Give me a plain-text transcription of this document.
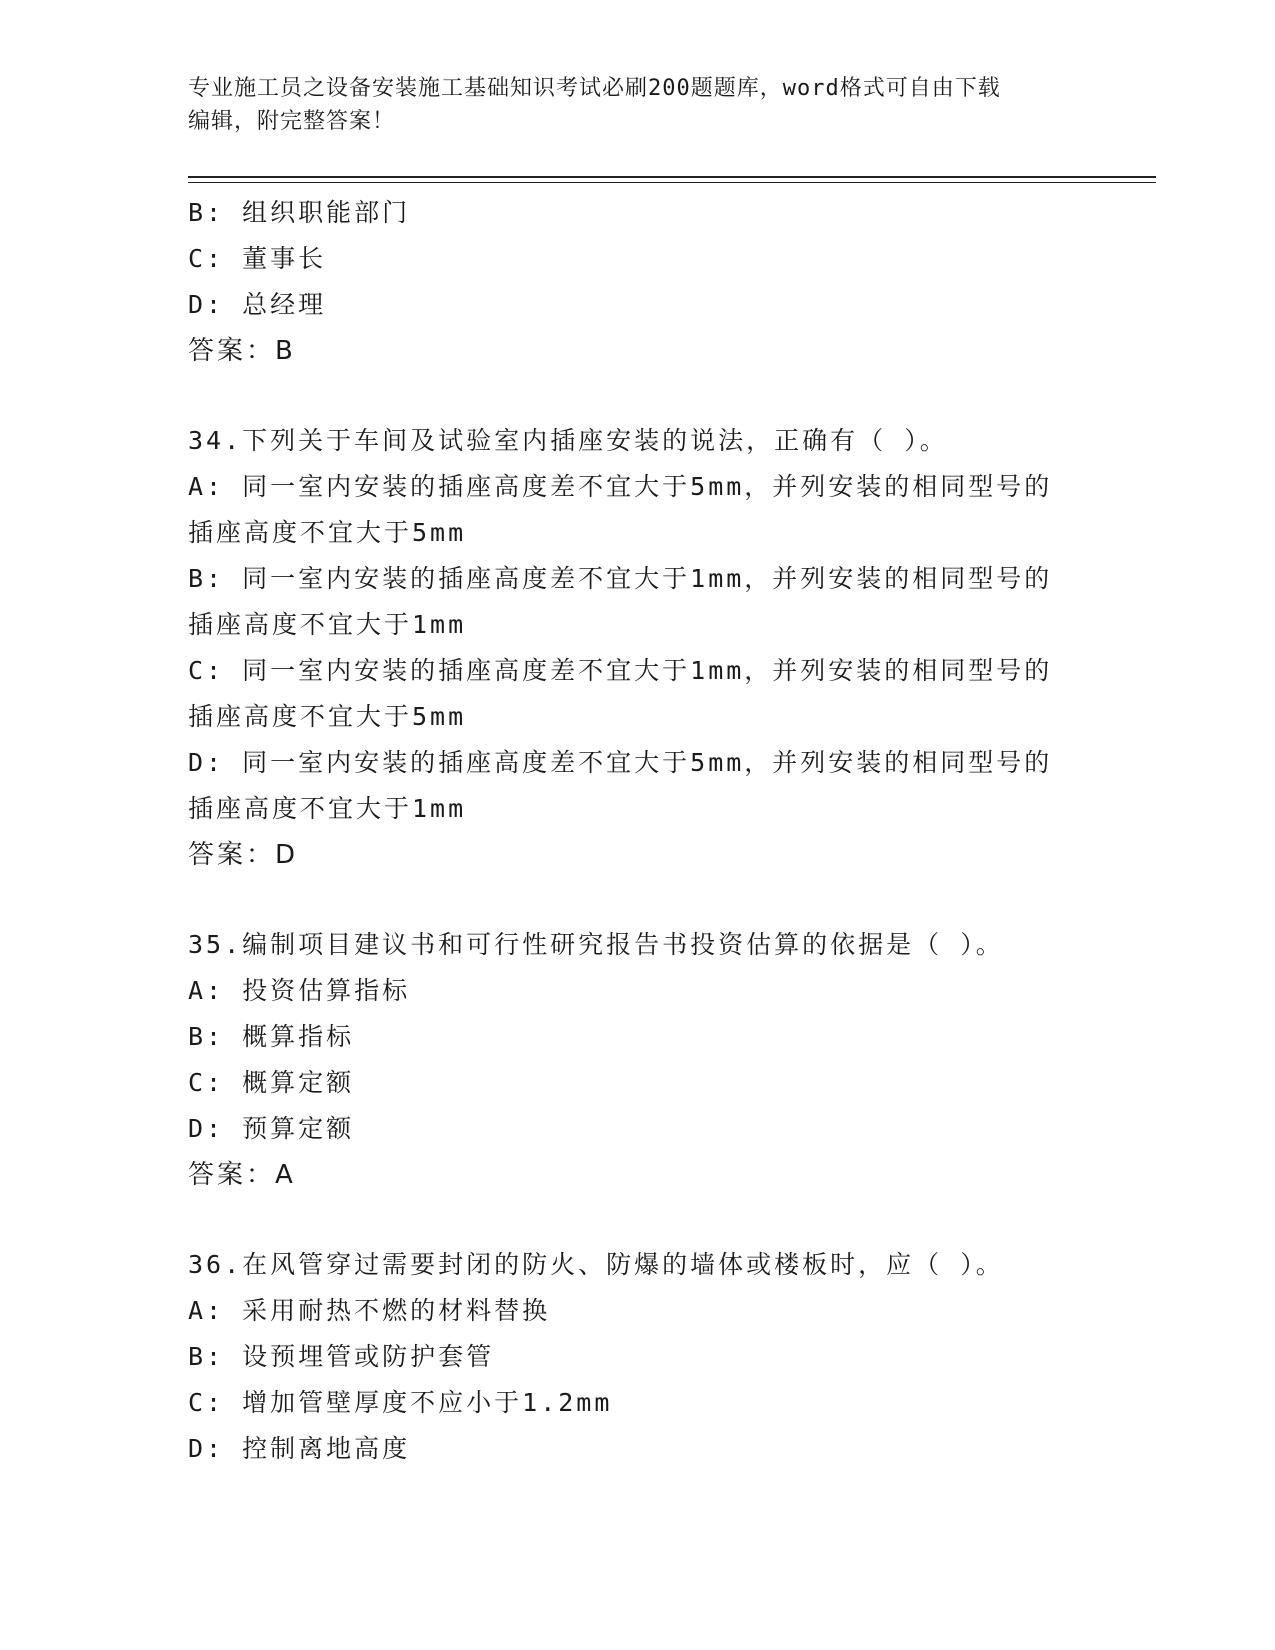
专业施工员之设备安装施工基础知识考试必刷200题题库，word格式可自由下载
编辑，附完整答案！
B: 组织职能部门
C: 董事长
D: 总经理
答案：B
34.下列关于车间及试验室内插座安装的说法，正确有（ ）。
A: 同一室内安装的插座高度差不宜大于5mm，并列安装的相同型号的
插座高度不宜大于5mm
B: 同一室内安装的插座高度差不宜大于1mm，并列安装的相同型号的
插座高度不宜大于1mm
C: 同一室内安装的插座高度差不宜大于1mm，并列安装的相同型号的
插座高度不宜大于5mm
D: 同一室内安装的插座高度差不宜大于5mm，并列安装的相同型号的
插座高度不宜大于1mm
答案：D
35.编制项目建议书和可行性研究报告书投资估算的依据是（ ）。
A: 投资估算指标
B: 概算指标
C: 概算定额
D: 预算定额
答案：A
36.在风管穿过需要封闭的防火、防爆的墙体或楼板时，应（ ）。
A: 采用耐热不燃的材料替换
B: 设预埋管或防护套管
C: 增加管壁厚度不应小于1.2mm
D: 控制离地高度
